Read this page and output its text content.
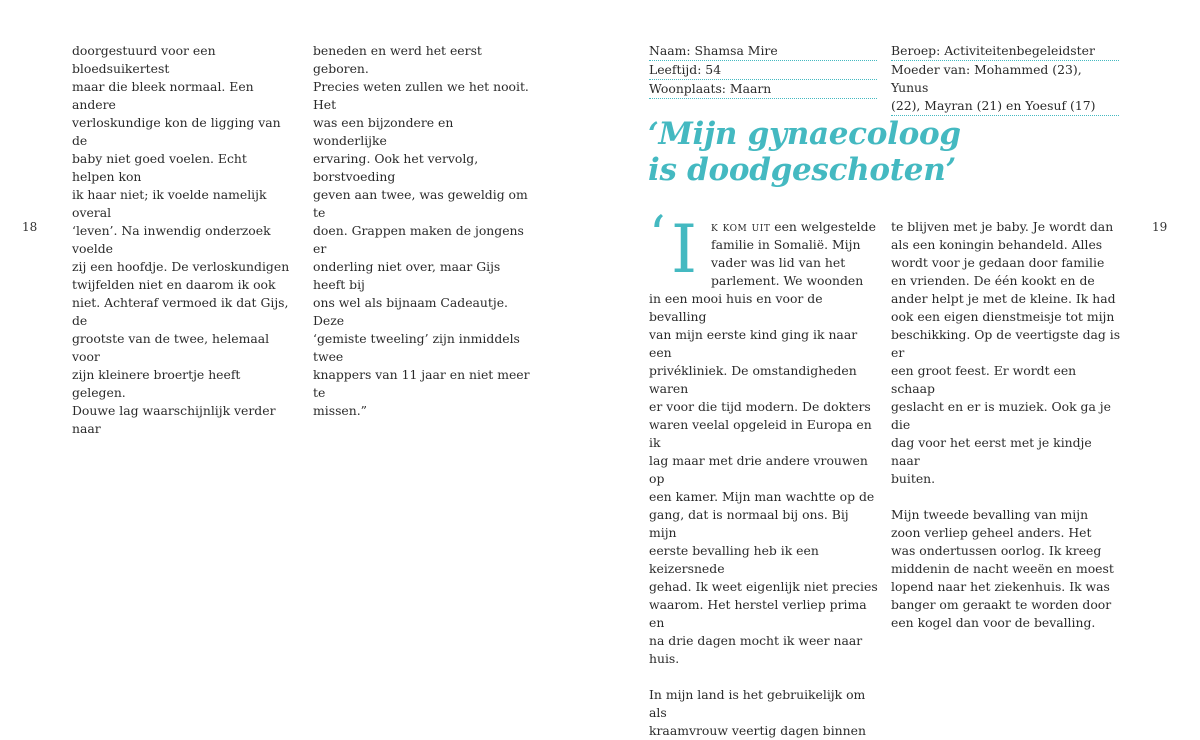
18

doorgestuurd voor een bloedsuikertest
maar die bleek normaal. Een andere
verloskundige kon de ligging van de
baby niet goed voelen. Echt helpen kon
ik haar niet; ik voelde namelijk overal
‘leven’. Na inwendig onderzoek voelde
zij een hoofdje. De verloskundigen
twijfelden niet en daarom ik ook
niet. Achteraf vermoed ik dat Gijs, de
grootste van de twee, helemaal voor
zijn kleinere broertje heeft gelegen.
Douwe lag waarschijnlijk verder naar

beneden en werd het eerst geboren.
Precies weten zullen we het nooit. Het
was een bijzondere en wonderlijke
ervaring. Ook het vervolg, borstvoeding
geven aan twee, was geweldig om te
doen. Grappen maken de jongens er
onderling niet over, maar Gijs heeft bij
ons wel als bijnaam Cadeautje. Deze
‘gemiste tweeling’ zijn inmiddels twee
knappers van 11 jaar en niet meer te
missen.”

19
Naam: Shamsa Mire
Leeftijd: 54
Woonplaats: Maarn
Beroep: Activiteitenbegeleidster
Moeder van: Mohammed (23), Yunus
(22), Mayran (21) en Yoesuf (17)
‘Mijn gynaecoloog
is doodgeschoten’
‘ I	k kom uit een welgestelde
familie in Somalië. Mijn
vader was lid van het
parlement. We woonden

in een mooi huis en voor de bevalling
van mijn eerste kind ging ik naar een
privékliniek. De omstandigheden waren
er voor die tijd modern. De dokters
waren veelal opgeleid in Europa en ik
lag maar met drie andere vrouwen op
een kamer. Mijn man wachtte op de
gang, dat is normaal bij ons. Bij mijn
eerste bevalling heb ik een keizersnede
gehad. Ik weet eigenlijk niet precies
waarom. Het herstel verliep prima en
na drie dagen mocht ik weer naar huis.

In mijn land is het gebruikelijk om als
kraamvrouw veertig dagen binnen

te blijven met je baby. Je wordt dan
als een koningin behandeld. Alles
wordt voor je gedaan door familie
en vrienden. De één kookt en de
ander helpt je met de kleine. Ik had
ook een eigen dienstmeisje tot mijn
beschikking. Op de veertigste dag is er
een groot feest. Er wordt een schaap
geslacht en er is muziek. Ook ga je die
dag voor het eerst met je kindje naar
buiten.

Mijn tweede bevalling van mijn
zoon verliep geheel anders. Het
was ondertussen oorlog. Ik kreeg
middenin de nacht weeën en moest
lopend naar het ziekenhuis. Ik was
banger om geraakt te worden door
een kogel dan voor de bevalling.
